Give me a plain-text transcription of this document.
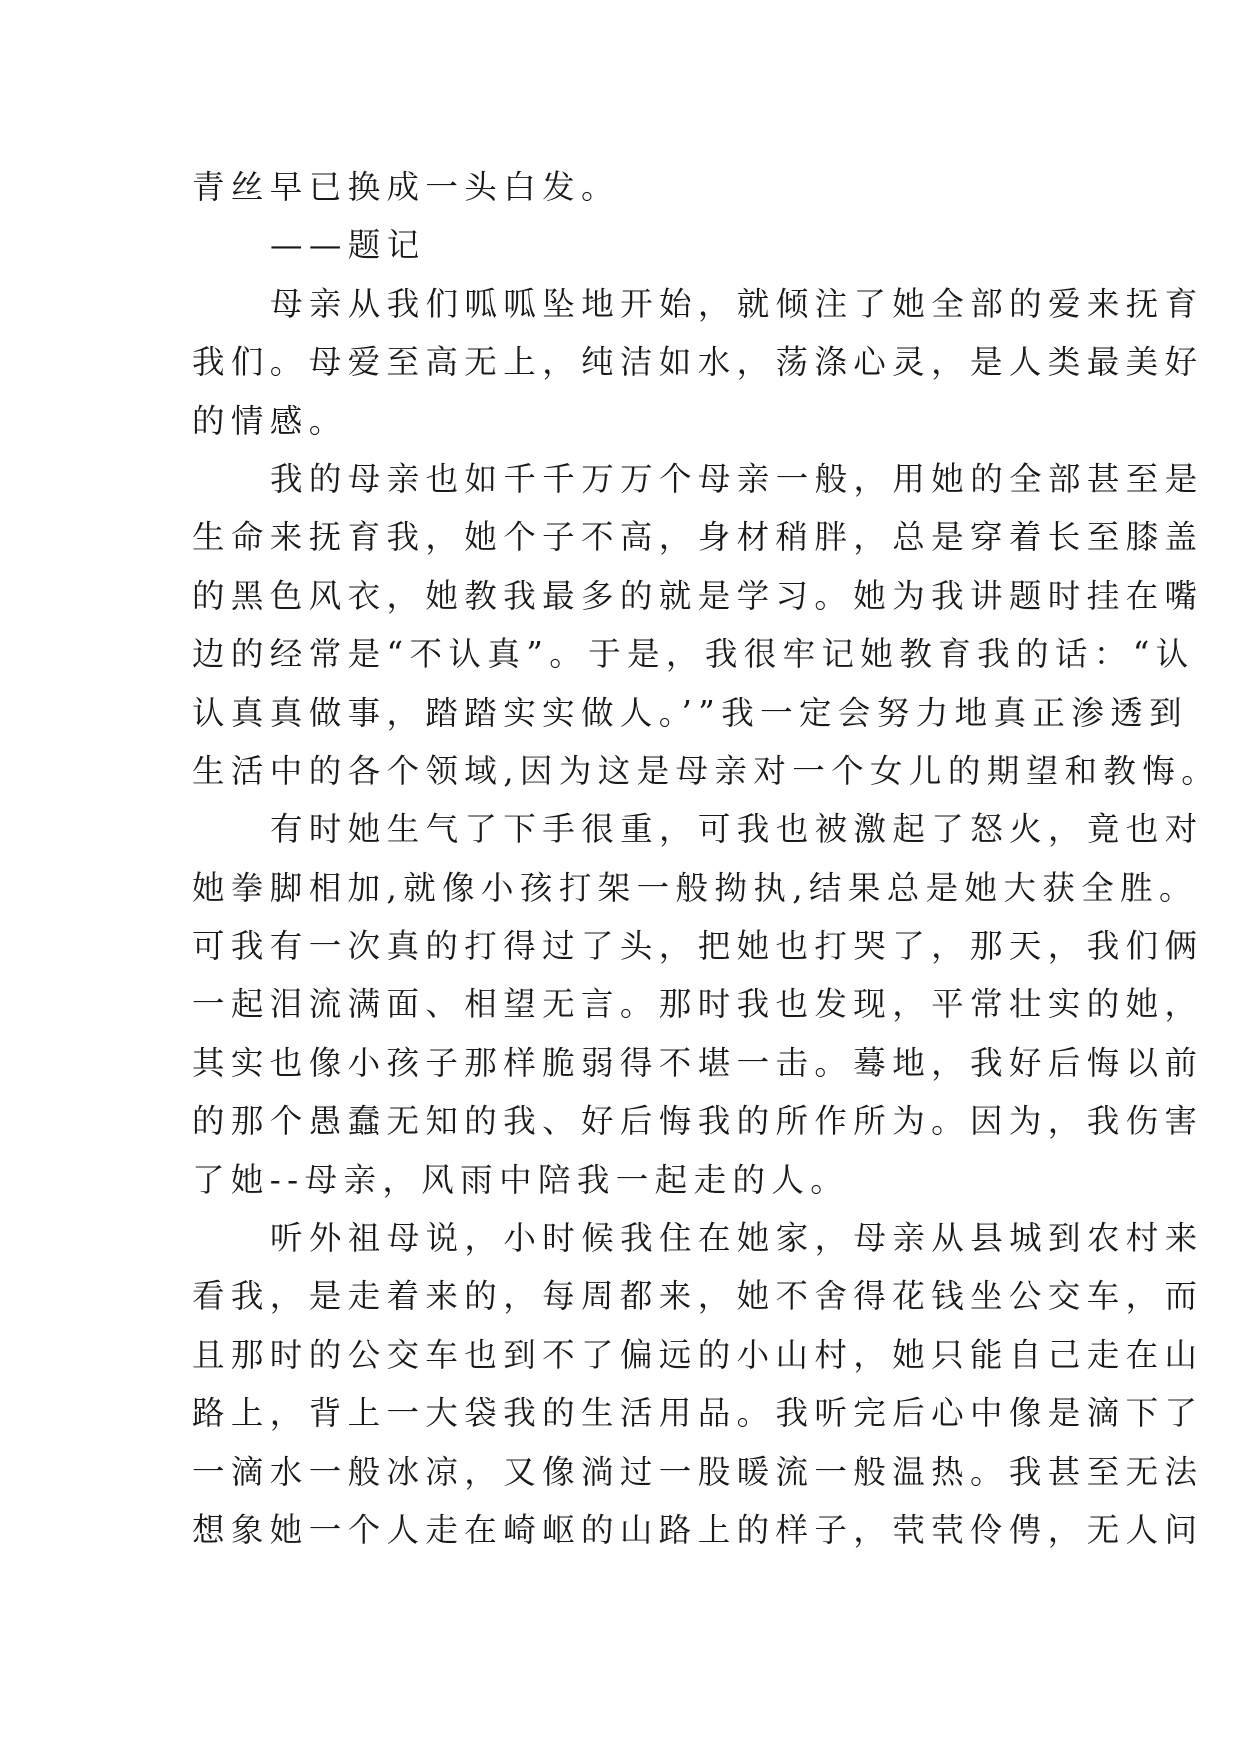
青丝早已换成一头白发。
——题记
母亲从我们呱呱坠地开始，就倾注了她全部的爱来抚育
我们。母爱至高无上，纯洁如水，荡涤心灵，是人类最美好
的情感。
我的母亲也如千千万万个母亲一般，用她的全部甚至是
生命来抚育我，她个子不高，身材稍胖，总是穿着长至膝盖
的黑色风衣，她教我最多的就是学习。她为我讲题时挂在嘴
边的经常是“不认真”。于是，我很牢记她教育我的话：“认
认真真做事，踏踏实实做人。’”我一定会努力地真正渗透到
生活中的各个领域,因为这是母亲对一个女儿的期望和教悔。
有时她生气了下手很重，可我也被激起了怒火，竟也对
她拳脚相加,就像小孩打架一般拗执,结果总是她大获全胜。
可我有一次真的打得过了头，把她也打哭了，那天，我们俩
一起泪流满面、相望无言。那时我也发现，平常壮实的她，
其实也像小孩子那样脆弱得不堪一击。蓦地，我好后悔以前
的那个愚蠢无知的我、好后悔我的所作所为。因为，我伤害
了她--母亲，风雨中陪我一起走的人。
听外祖母说，小时候我住在她家，母亲从县城到农村来
看我，是走着来的，每周都来，她不舍得花钱坐公交车，而
且那时的公交车也到不了偏远的小山村，她只能自己走在山
路上，背上一大袋我的生活用品。我听完后心中像是滴下了
一滴水一般冰凉，又像淌过一股暖流一般温热。我甚至无法
想象她一个人走在崎岖的山路上的样子，茕茕伶俜，无人问
